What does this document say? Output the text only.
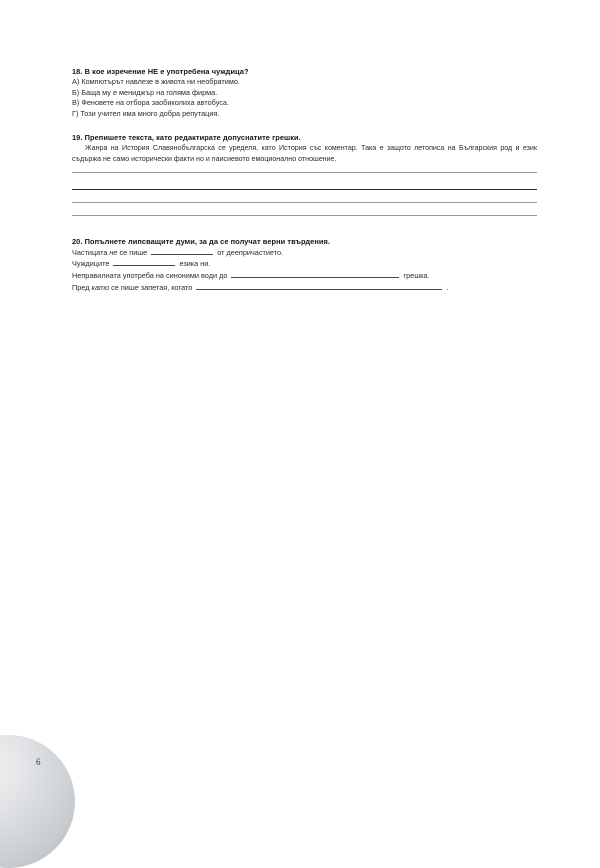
18. В кое изречение НЕ е употребена чуждица?
А) Компютърът навлезе в живота ни необратимо.
Б) Баща му е мениджър на голяма фирма.
В) Феновете на отбора заобиколиха автобуса.
Г) Този учител има много добра репутация.
19. Препишете текста, като редактирате допуснатите грешки.
Жанра на История Славянобългарска се уределя, като История със коментар. Така е защото летописа на Българския род и език съдържа не само исторически факти но и паисиевото емоционално отношение.
20. Попълнете липсващите думи, за да се получат верни твърдения.
Частицата не се пише	от деепричастието.
Чуждиците	езика ни.
Неправилната употреба на синоними води до	грешка.
Пред като се пише запетая, когато	.
6
